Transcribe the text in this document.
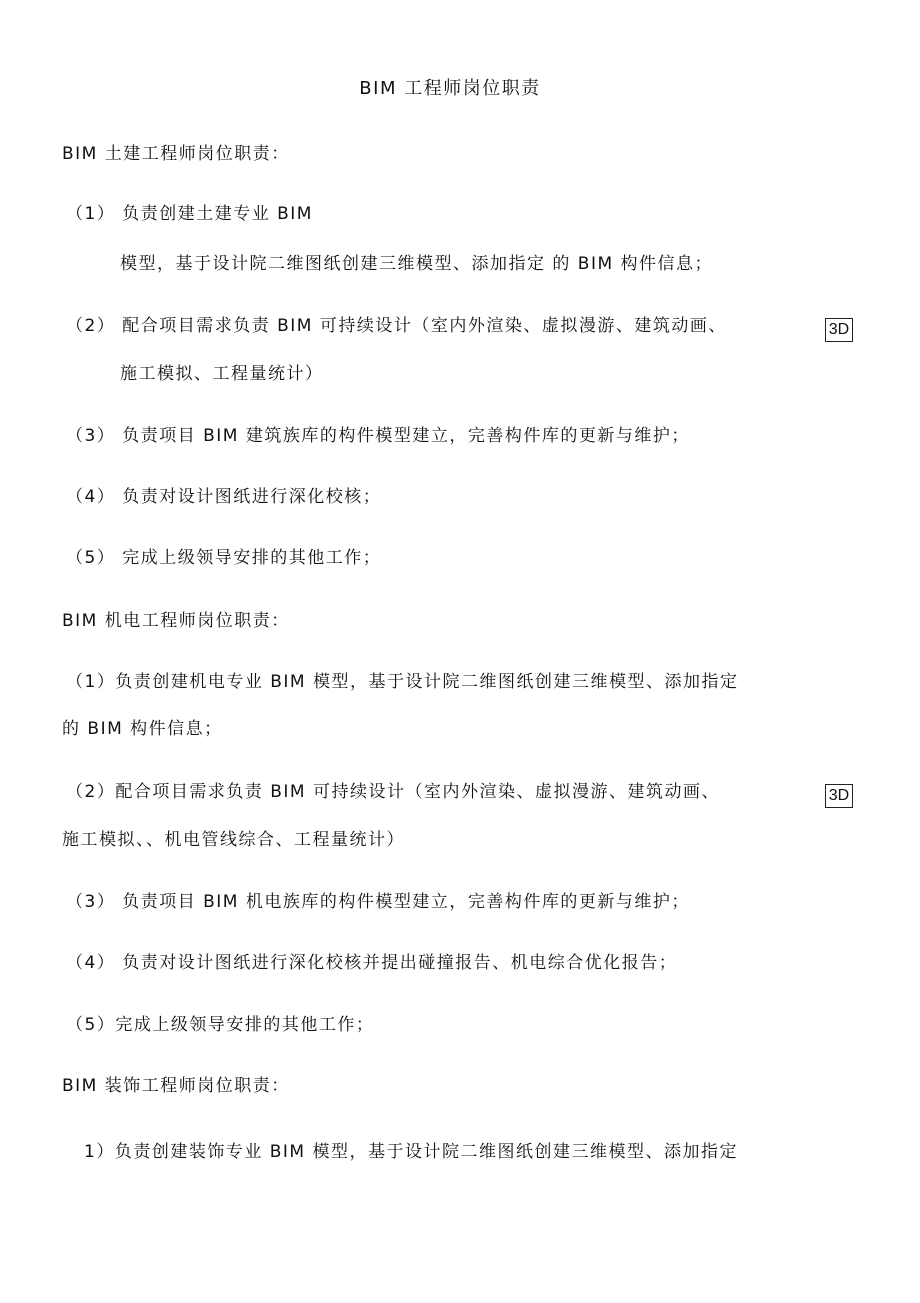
BIM 工程师岗位职责
BIM 土建工程师岗位职责：
（1） 负责创建土建专业 BIM
模型，基于设计院二维图纸创建三维模型、添加指定 的 BIM 构件信息；
（2） 配合项目需求负责 BIM 可持续设计（室内外渲染、虚拟漫游、建筑动画、	3D
施工模拟、工程量统计）
（3） 负责项目 BIM 建筑族库的构件模型建立，完善构件库的更新与维护；
（4） 负责对设计图纸进行深化校核；
（5） 完成上级领导安排的其他工作；
BIM 机电工程师岗位职责：
（1）负责创建机电专业 BIM 模型，基于设计院二维图纸创建三维模型、添加指定
的 BIM 构件信息；
（2）配合项目需求负责 BIM 可持续设计（室内外渲染、虚拟漫游、建筑动画、	3D
施工模拟、、机电管线综合、工程量统计）
（3） 负责项目 BIM 机电族库的构件模型建立，完善构件库的更新与维护；
（4） 负责对设计图纸进行深化校核并提出碰撞报告、机电综合优化报告；
（5）完成上级领导安排的其他工作；
BIM 装饰工程师岗位职责：
1）负责创建装饰专业 BIM 模型，基于设计院二维图纸创建三维模型、添加指定
